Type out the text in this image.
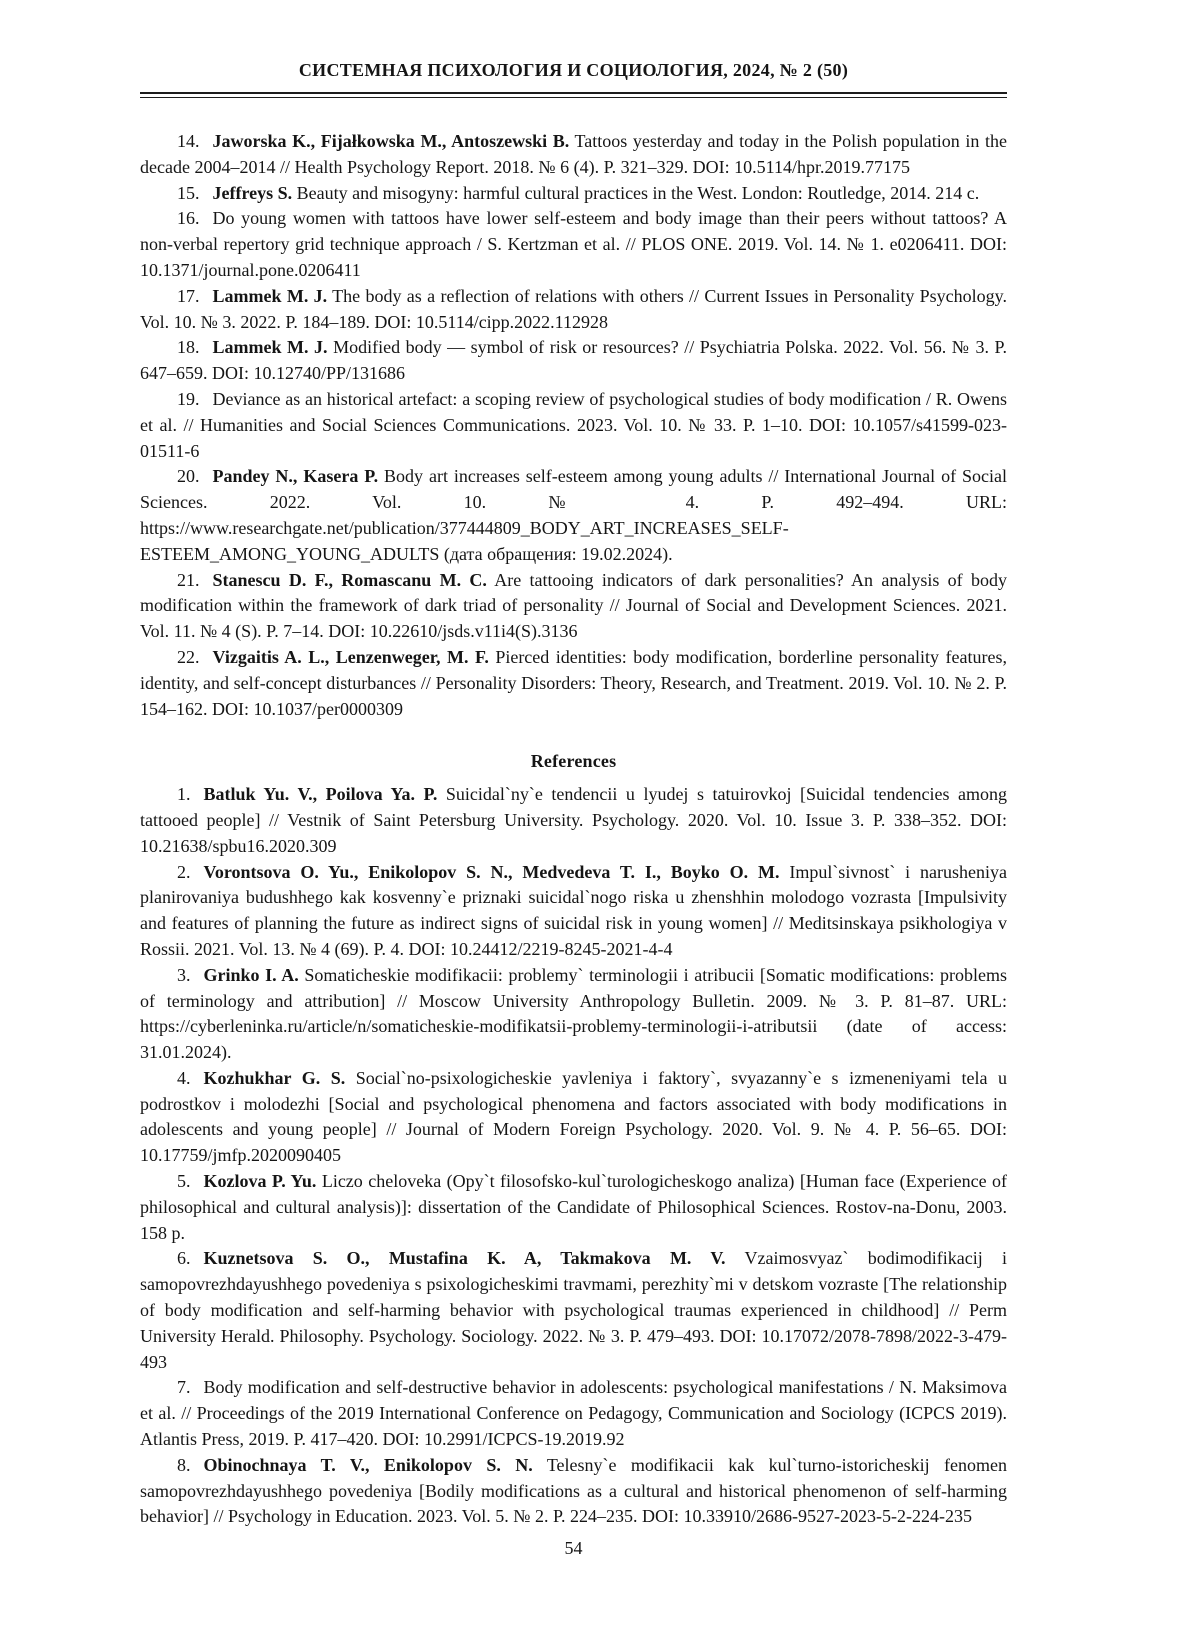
СИСТЕМНАЯ ПСИХОЛОГИЯ И СОЦИОЛОГИЯ, 2024, № 2 (50)

14. Jaworska K., Fijałkowska M., Antoszewski B. Tattoos yesterday and today in the Polish population in the decade 2004–2014 // Health Psychology Report. 2018. № 6 (4). P. 321–329. DOI: 10.5114/hpr.2019.77175

15. Jeffreys S. Beauty and misogyny: harmful cultural practices in the West. London: Routledge, 2014. 214 с.

16. Do young women with tattoos have lower self-esteem and body image than their peers without tattoos? A non-verbal repertory grid technique approach / S. Kertzman et al. // PLOS ONE. 2019. Vol. 14. № 1. e0206411. DOI: 10.1371/journal.pone.0206411

17. Lammek M. J. The body as a reflection of relations with others // Current Issues in Personality Psychology. Vol. 10. № 3. 2022. P. 184–189. DOI: 10.5114/cipp.2022.112928

18. Lammek M. J. Modified body — symbol of risk or resources? // Psychiatria Polska. 2022. Vol. 56. № 3. P. 647–659. DOI: 10.12740/PP/131686

19. Deviance as an historical artefact: a scoping review of psychological studies of body modification / R. Owens et al. // Humanities and Social Sciences Communications. 2023. Vol. 10. № 33. P. 1–10. DOI: 10.1057/s41599-023-01511-6

20. Pandey N., Kasera P. Body art increases self-esteem among young adults // International Journal of Social Sciences. 2022. Vol. 10. № 4. P. 492–494. URL: https://www.researchgate.net/publication/377444809_BODY_ART_INCREASES_SELF-ESTEEM_AMONG_YOUNG_ADULTS (дата обращения: 19.02.2024).

21. Stanescu D. F., Romascanu M. C. Are tattooing indicators of dark personalities? An analysis of body modification within the framework of dark triad of personality // Journal of Social and Development Sciences. 2021. Vol. 11. № 4 (S). P. 7–14. DOI: 10.22610/jsds.v11i4(S).3136

22. Vizgaitis A. L., Lenzenweger, M. F. Pierced identities: body modification, borderline personality features, identity, and self-concept disturbances // Personality Disorders: Theory, Research, and Treatment. 2019. Vol. 10. № 2. P. 154–162. DOI: 10.1037/per0000309

References

1. Batluk Yu. V., Poilova Ya. P. Suicidal`ny`e tendencii u lyudej s tatuirovkoj [Suicidal tendencies among tattooed people] // Vestnik of Saint Petersburg University. Psychology. 2020. Vol. 10. Issue 3. P. 338–352. DOI: 10.21638/spbu16.2020.309

2. Vorontsova O. Yu., Enikolopov S. N., Medvedeva T. I., Boyko O. M. Impul`sivnost` i narusheniya planirovaniya budushhego kak kosvenny`e priznaki suicidal`nogo riska u zhenshhin molodogo vozrasta [Impulsivity and features of planning the future as indirect signs of suicidal risk in young women] // Meditsinskaya psikhologiya v Rossii. 2021. Vol. 13. № 4 (69). P. 4. DOI: 10.24412/2219-8245-2021-4-4

3. Grinko I. A. Somaticheskie modifikacii: problemy` terminologii i atribucii [Somatic modifications: problems of terminology and attribution] // Moscow University Anthropology Bulletin. 2009. № 3. P. 81–87. URL: https://cyberleninka.ru/article/n/somaticheskie-modifikatsii-problemy-terminologii-i-atributsii (date of access: 31.01.2024).

4. Kozhukhar G. S. Social`no-psixologicheskie yavleniya i faktory`, svyazanny`e s izmeneniyami tela u podrostkov i molodezhi [Social and psychological phenomena and factors associated with body modifications in adolescents and young people] // Journal of Modern Foreign Psychology. 2020. Vol. 9. № 4. P. 56–65. DOI: 10.17759/jmfp.2020090405

5. Kozlova P. Yu. Liczo cheloveka (Opy`t filosofsko-kul`turologicheskogo analiza) [Human face (Experience of philosophical and cultural analysis)]: dissertation of the Candidate of Philosophical Sciences. Rostov-na-Donu, 2003. 158 p.

6. Kuznetsova S. O., Mustafina K. A, Takmakova M. V. Vzaimosvyaz` bodimodifikacij i samopovrezhdayushhego povedeniya s psixologicheskimi travmami, perezhity`mi v detskom vozraste [The relationship of body modification and self-harming behavior with psychological traumas experienced in childhood] // Perm University Herald. Philosophy. Psychology. Sociology. 2022. № 3. P. 479–493. DOI: 10.17072/2078-7898/2022-3-479-493

7. Body modification and self-destructive behavior in adolescents: psychological manifestations / N. Maksimova et al. // Proceedings of the 2019 International Conference on Pedagogy, Communication and Sociology (ICPCS 2019). Atlantis Press, 2019. P. 417–420. DOI: 10.2991/ICPCS-19.2019.92

8. Obinochnaya T. V., Enikolopov S. N. Telesny`e modifikacii kak kul`turno-istoricheskij fenomen samopovrezhdayushhego povedeniya [Bodily modifications as a cultural and historical phenomenon of self-harming behavior] // Psychology in Education. 2023. Vol. 5. № 2. P. 224–235. DOI: 10.33910/2686-9527-2023-5-2-224-235

54
